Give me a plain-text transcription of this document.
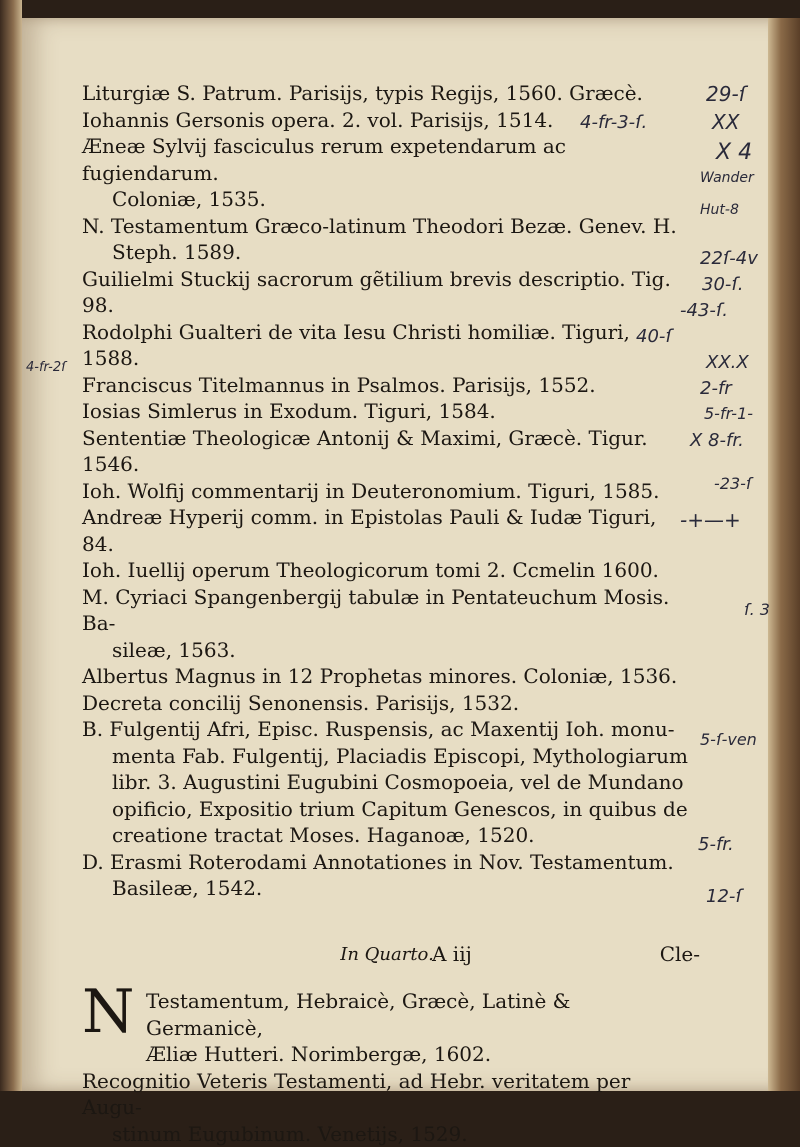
Liturgiæ S. Patrum. Parisijs, typis Regijs, 1560. Græcè.

Iohannis Gersonis opera. 2. vol. Parisijs, 1514.

Æneæ Sylvij fasciculus rerum expetendarum ac fugiendarum.
Coloniæ, 1535.

N. Testamentum Græco-latinum Theodori Bezæ. Genev. H.
Steph. 1589.

Guilielmi Stuckij sacrorum gẽtilium brevis descriptio. Tig. 98.

Rodolphi Gualteri de vita Iesu Christi homiliæ. Tiguri, 1588.

Franciscus Titelmannus in Psalmos. Parisijs, 1552.

Iosias Simlerus in Exodum. Tiguri, 1584.

Sententiæ Theologicæ Antonij & Maximi, Græcè. Tigur. 1546.

Ioh. Wolfij commentarij in Deuteronomium. Tiguri, 1585.

Andreæ Hyperij comm. in Epistolas Pauli & Iudæ Tiguri, 84.

Ioh. Iuellij operum Theologicorum tomi 2. Ccmelin 1600.

M. Cyriaci Spangenbergij tabulæ in Pentateuchum Mosis. Ba-
sileæ, 1563.

Albertus Magnus in 12 Prophetas minores. Coloniæ, 1536.

Decreta concilij Senonensis. Parisijs, 1532.

B. Fulgentij Afri, Episc. Ruspensis, ac Maxentij Ioh. monu-
menta Fab. Fulgentij, Placiadis Episcopi, Mythologiarum libr. 3. Augustini Eugubini Cosmopoeia, vel de Mundano opificio, Expositio trium Capitum Genescos, in quibus de creatione tractat Moses. Haganoæ, 1520.

D. Erasmi Roterodami Annotationes in Nov. Testamentum.
Basileæ, 1542.

In Quarto.
N Testamentum, Hebraicè, Græcè, Latinè & Germanicè,
Æliæ Hutteri. Norimbergæ, 1602.

Recognitio Veteris Testamenti, ad Hebr. veritatem per Augu-
stinum Eugubinum. Venetijs, 1529.

A iij	Cle-
29-ſ
4-fr-3-ſ.	XX
X 4
Wander
Hut-8
22ſ-4v
30-ſ.
-43-ſ.
40-ſ
XX.X
4-fr-2ſ
2-fr
5-fr-1-
X 8-fr.
-23-ſ
-+—+
ſ. 3
5-ſ-ven
5-fr.
12-ſ
